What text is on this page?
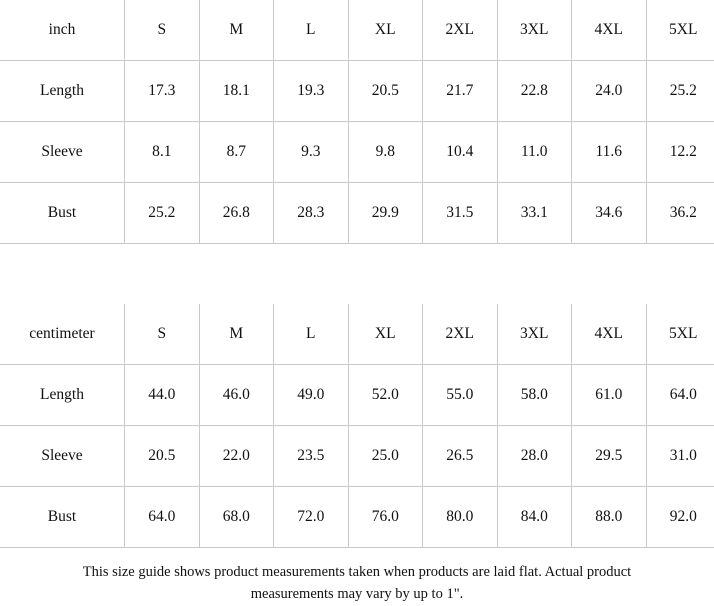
inch	S	M	L	XL	2XL	3XL	4XL	5XL
Length	17.3	18.1	19.3	20.5	21.7	22.8	24.0	25.2
Sleeve	8.1	8.7	9.3	9.8	10.4	11.0	11.6	12.2
Bust	25.2	26.8	28.3	29.9	31.5	33.1	34.6	36.2
centimeter	S	M	L	XL	2XL	3XL	4XL	5XL
Length	44.0	46.0	49.0	52.0	55.0	58.0	61.0	64.0
Sleeve	20.5	22.0	23.5	25.0	26.5	28.0	29.5	31.0
Bust	64.0	68.0	72.0	76.0	80.0	84.0	88.0	92.0
This size guide shows product measurements taken when products are laid flat. Actual product measurements may vary by up to 1".
